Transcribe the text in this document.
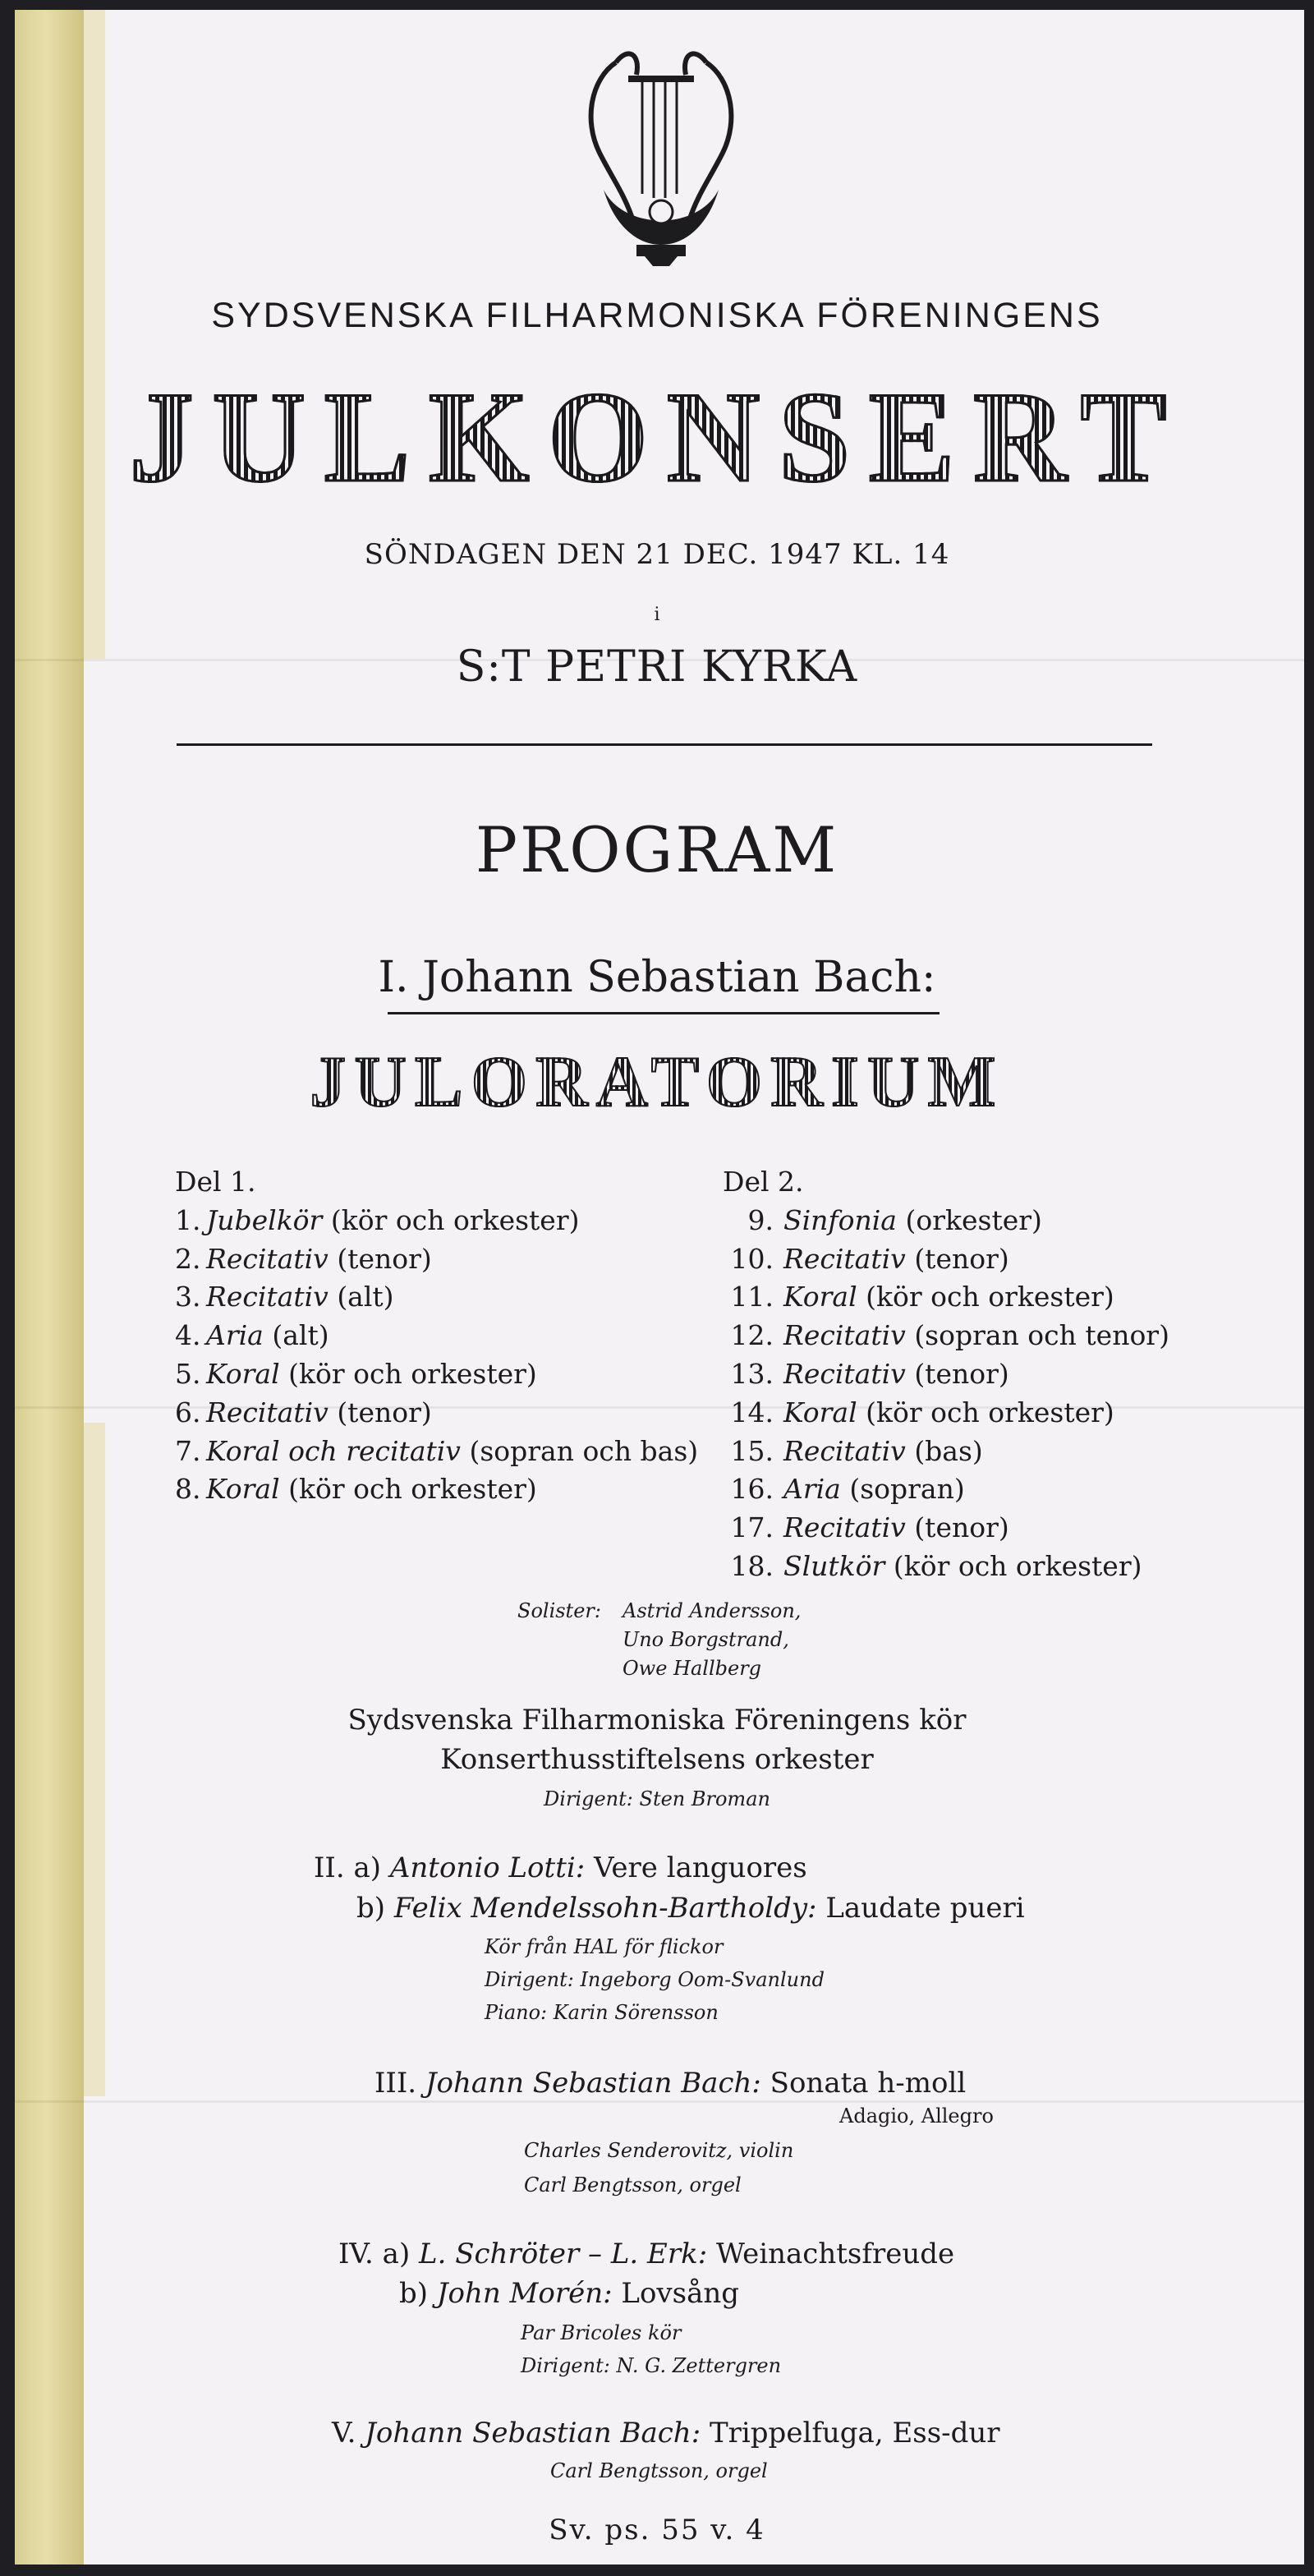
SYDSVENSKA FILHARMONISKA FÖRENINGENS
JULKONSERT
SÖNDAGEN DEN 21 DEC. 1947 KL. 14
i
S:T PETRI KYRKA
PROGRAM
I. Johann Sebastian Bach:
JULORATORIUM
Del 1.
1. Jubelkör (kör och orkester)
2. Recitativ (tenor)
3. Recitativ (alt)
4. Aria (alt)
5. Koral (kör och orkester)
6. Recitativ (tenor)
7. Koral och recitativ (sopran och bas)
8. Koral (kör och orkester)
Del 2.
9. Sinfonia (orkester)
10. Recitativ (tenor)
11. Koral (kör och orkester)
12. Recitativ (sopran och tenor)
13. Recitativ (tenor)
14. Koral (kör och orkester)
15. Recitativ (bas)
16. Aria (sopran)
17. Recitativ (tenor)
18. Slutkör (kör och orkester)
Solister: Astrid Andersson,
Uno Borgstrand,
Owe Hallberg
Sydsvenska Filharmoniska Föreningens kör
Konserthusstiftelsens orkester
Dirigent: Sten Broman
II. a) Antonio Lotti: Vere languores
b) Felix Mendelssohn-Bartholdy: Laudate pueri
Kör från HAL för flickor
Dirigent: Ingeborg Oom-Svanlund
Piano: Karin Sörensson
III. Johann Sebastian Bach: Sonata h-moll
Adagio, Allegro
Charles Senderovitz, violin
Carl Bengtsson, orgel
IV. a) L. Schröter – L. Erk: Weinachtsfreude
b) John Morén: Lovsång
Par Bricoles kör
Dirigent: N. G. Zettergren
V. Johann Sebastian Bach: Trippelfuga, Ess-dur
Carl Bengtsson, orgel
Sv. ps. 55 v. 4
